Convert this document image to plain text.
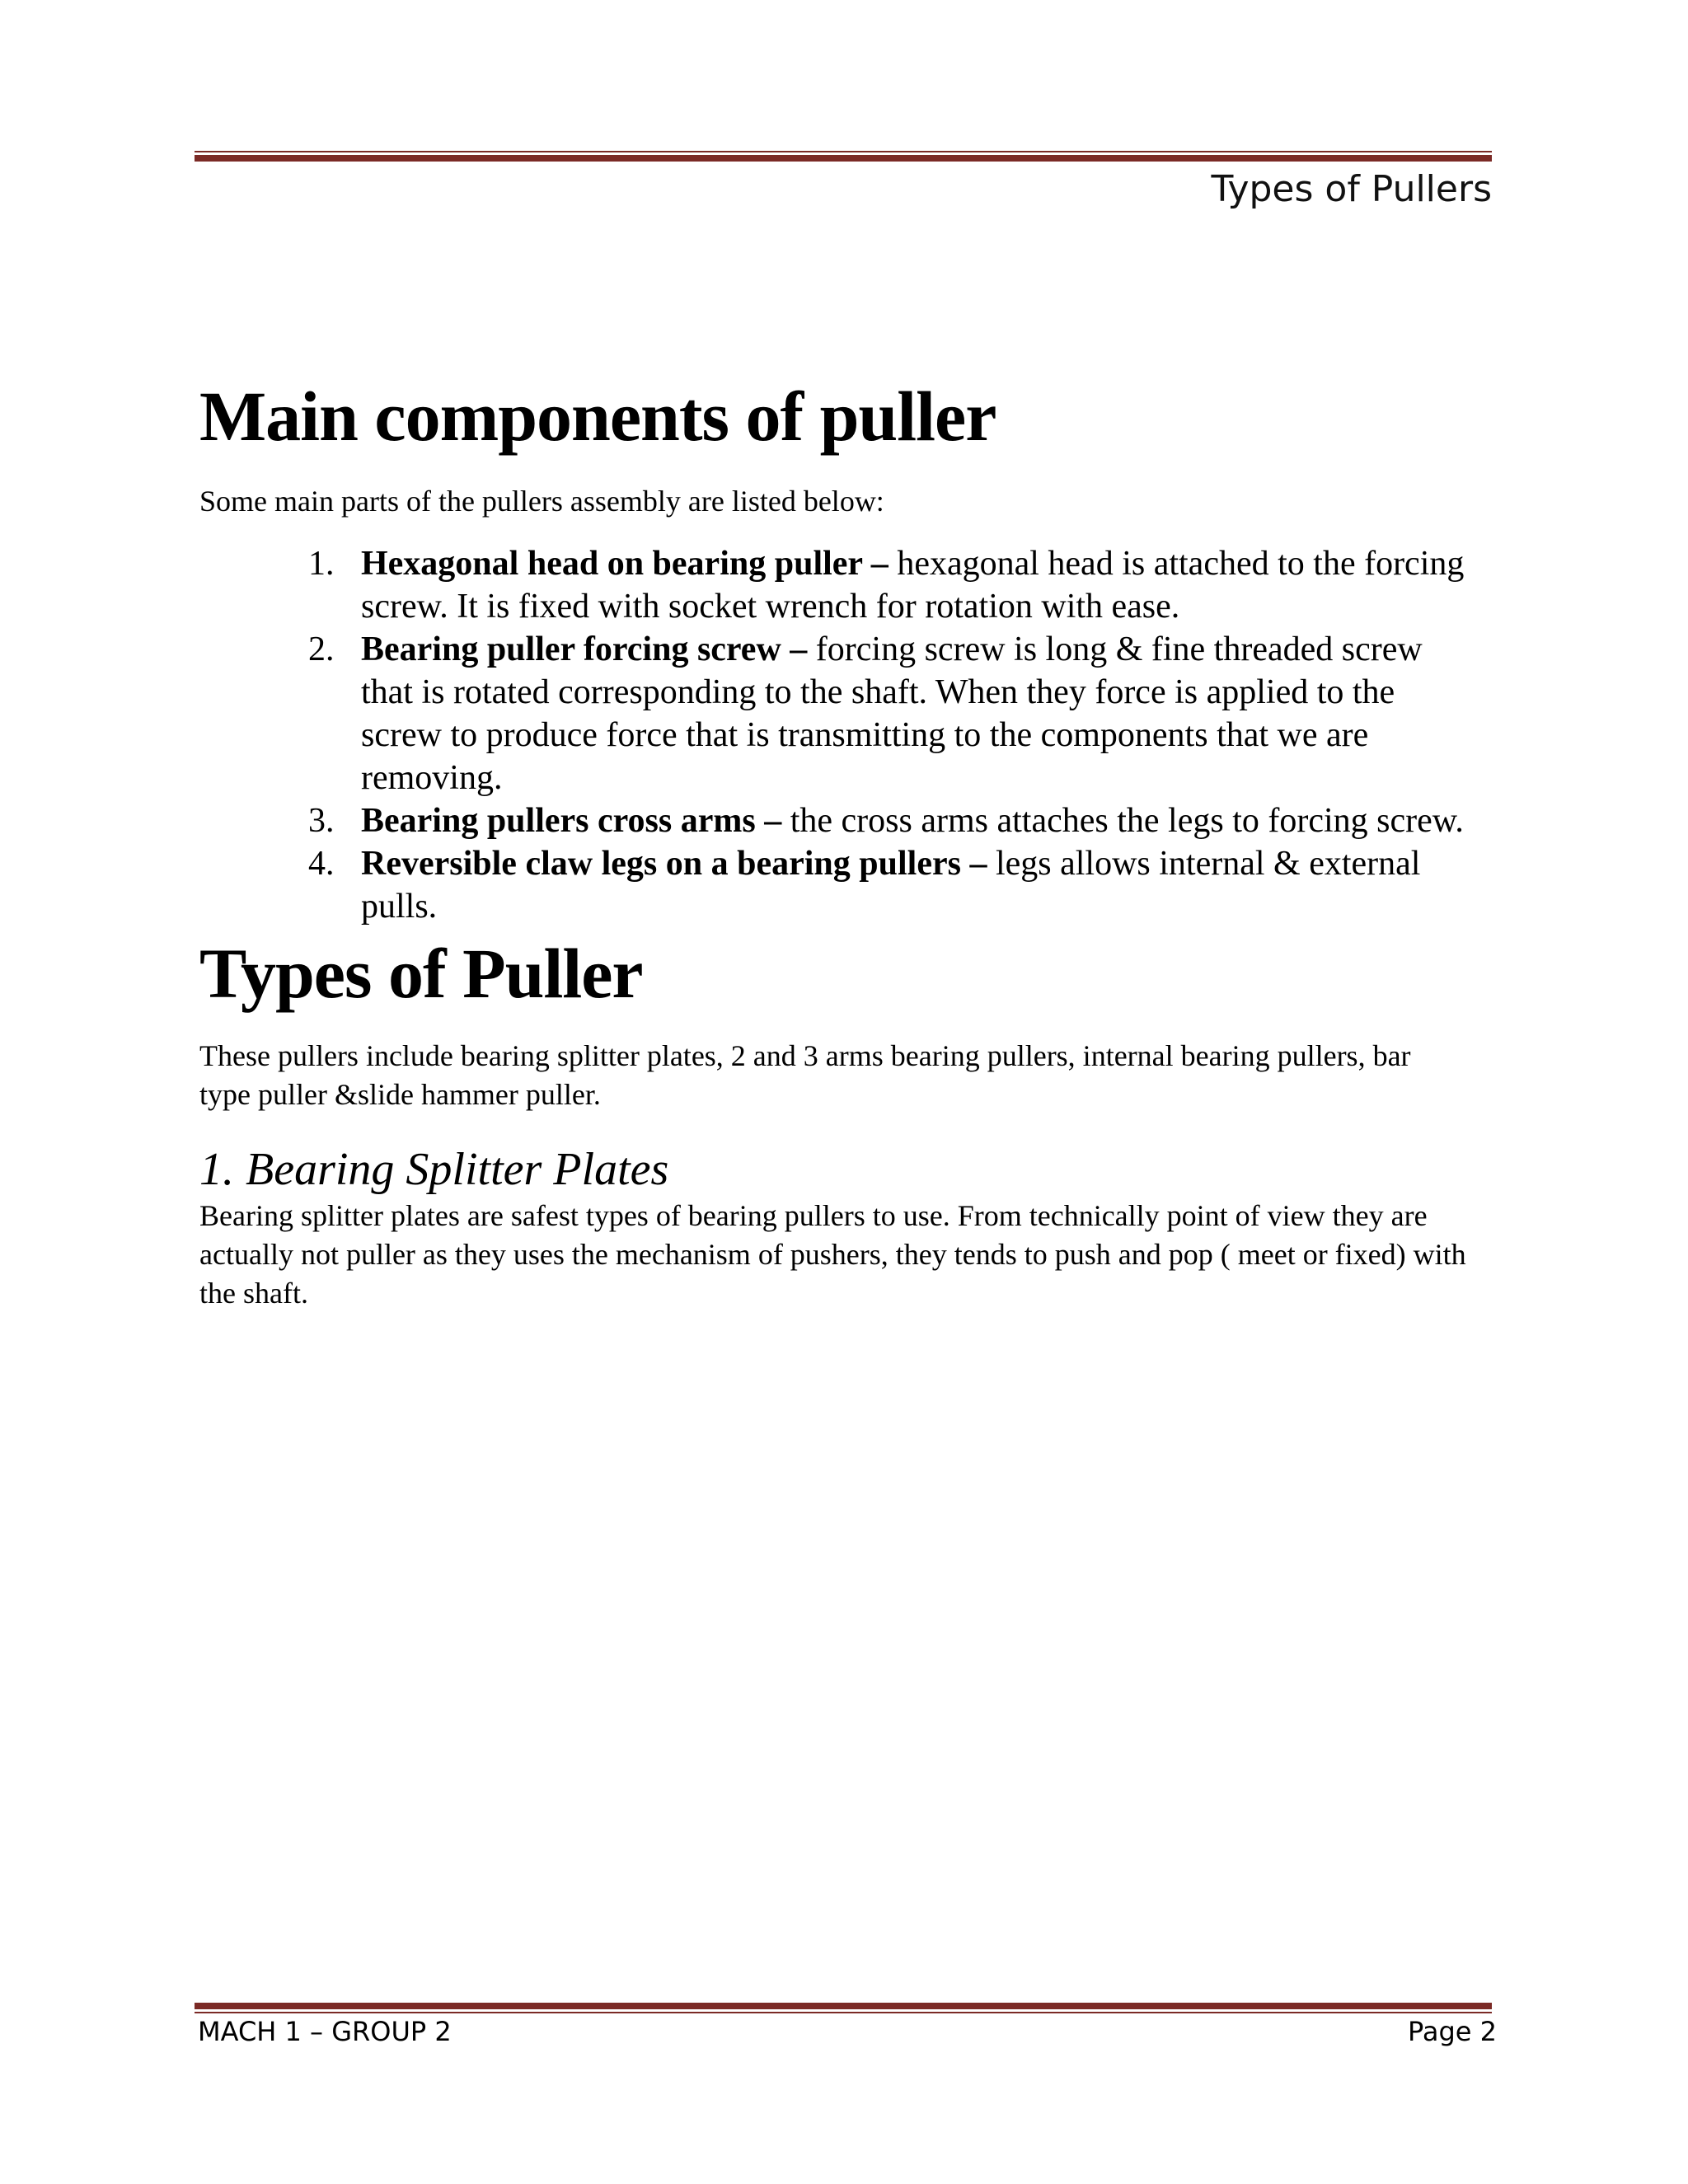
Types of Pullers
Main components of puller

Some main parts of the pullers assembly are listed below:

1. Hexagonal head on bearing puller – hexagonal head is attached to the forcing screw. It is fixed with socket wrench for rotation with ease.
2. Bearing puller forcing screw – forcing screw is long & fine threaded screw that is rotated corresponding to the shaft. When they force is applied to the screw to produce force that is transmitting to the components that we are removing.
3. Bearing pullers cross arms – the cross arms attaches the legs to forcing screw.
4. Reversible claw legs on a bearing pullers – legs allows internal & external pulls.
Types of Puller

These pullers include bearing splitter plates, 2 and 3 arms bearing pullers, internal bearing pullers, bar type puller &slide hammer puller.

1. Bearing Splitter Plates

Bearing splitter plates are safest types of bearing pullers to use. From technically point of view they are actually not puller as they uses the mechanism of pushers, they tends to push and pop ( meet or fixed) with the shaft.

MACH 1 – GROUP 2	Page 2
